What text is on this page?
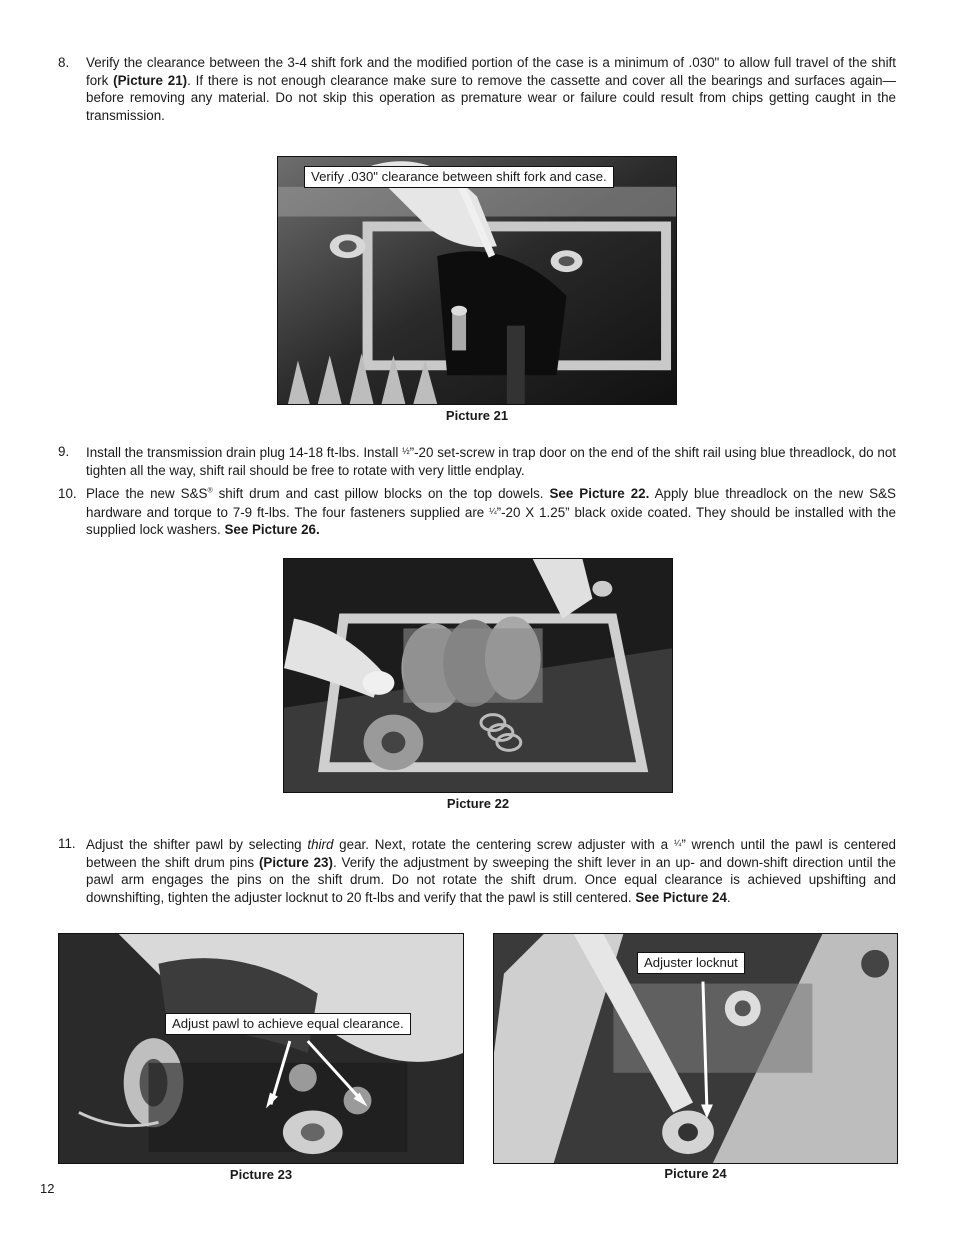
8. Verify the clearance between the 3-4 shift fork and the modified portion of the case is a minimum of .030" to allow full travel of the shift fork (Picture 21). If there is not enough clearance make sure to remove the cassette and cover all the bearings and surfaces again—before removing any material. Do not skip this operation as premature wear or failure could result from chips getting caught in the transmission.
Verify .030" clearance between shift fork and case.
Picture 21
9. Install the transmission drain plug 14-18 ft-lbs. Install $^{\frac{1}{2}}$”-20 set-screw in trap door on the end of the shift rail using blue threadlock, do not tighten all the way, shift rail should be free to rotate with very little endplay.
10. Place the new S&S® shift drum and cast pillow blocks on the top dowels. See Picture 22. Apply blue threadlock on the new S&S hardware and torque to 7-9 ft-lbs. The four fasteners supplied are $^{\frac{1}{4}}$”-20 X 1.25” black oxide coated. They should be installed with the supplied lock washers. See Picture 26.
Picture 22
11. Adjust the shifter pawl by selecting third gear. Next, rotate the centering screw adjuster with a $^{\frac{1}{4}}$” wrench until the pawl is centered between the shift drum pins (Picture 23). Verify the adjustment by sweeping the shift lever in an up- and down-shift direction until the pawl arm engages the pins on the shift drum. Do not rotate the shift drum. Once equal clearance is achieved upshifting and downshifting, tighten the adjuster locknut to 20 ft-lbs and verify that the pawl is still centered. See Picture 24.
Adjust pawl to achieve equal clearance.
Picture 23
Adjuster locknut
Picture 24
12
